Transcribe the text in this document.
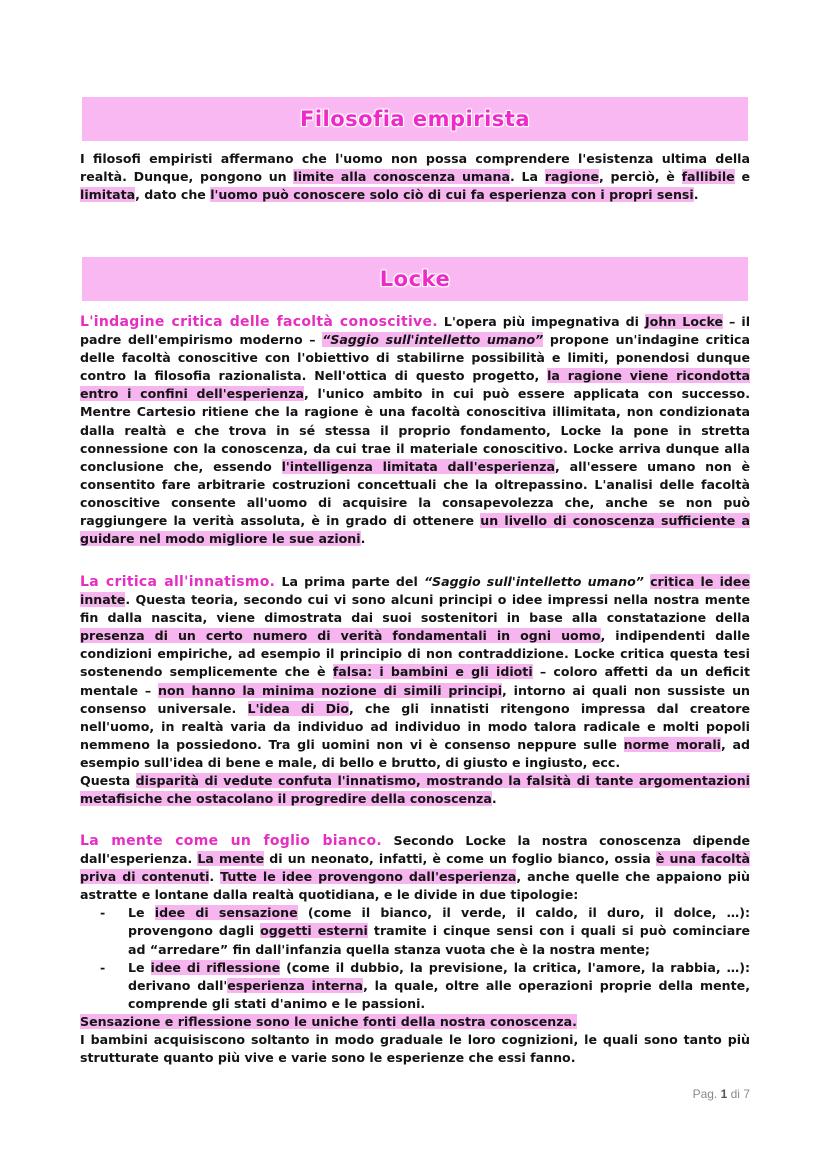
Filosofia empirista
I filosofi empiristi affermano che l'uomo non possa comprendere l'esistenza ultima della realtà. Dunque, pongono un limite alla conoscenza umana. La ragione, perciò, è fallibile e limitata, dato che l'uomo può conoscere solo ciò di cui fa esperienza con i propri sensi.
Locke
L'indagine critica delle facoltà conoscitive. L'opera più impegnativa di John Locke – il padre dell'empirismo moderno – “Saggio sull'intelletto umano” propone un'indagine critica delle facoltà conoscitive con l'obiettivo di stabilirne possibilità e limiti, ponendosi dunque contro la filosofia razionalista. Nell'ottica di questo progetto, la ragione viene ricondotta entro i confini dell'esperienza, l'unico ambito in cui può essere applicata con successo. Mentre Cartesio ritiene che la ragione è una facoltà conoscitiva illimitata, non condizionata dalla realtà e che trova in sé stessa il proprio fondamento, Locke la pone in stretta connessione con la conoscenza, da cui trae il materiale conoscitivo. Locke arriva dunque alla conclusione che, essendo l'intelligenza limitata dall'esperienza, all'essere umano non è consentito fare arbitrarie costruzioni concettuali che la oltrepassino. L'analisi delle facoltà conoscitive consente all'uomo di acquisire la consapevolezza che, anche se non può raggiungere la verità assoluta, è in grado di ottenere un livello di conoscenza sufficiente a guidare nel modo migliore le sue azioni.
La critica all'innatismo. La prima parte del “Saggio sull'intelletto umano” critica le idee innate. Questa teoria, secondo cui vi sono alcuni principi o idee impressi nella nostra mente fin dalla nascita, viene dimostrata dai suoi sostenitori in base alla constatazione della presenza di un certo numero di verità fondamentali in ogni uomo, indipendenti dalle condizioni empiriche, ad esempio il principio di non contraddizione. Locke critica questa tesi sostenendo semplicemente che è falsa: i bambini e gli idioti – coloro affetti da un deficit mentale – non hanno la minima nozione di simili principi, intorno ai quali non sussiste un consenso universale. L'idea di Dio, che gli innatisti ritengono impressa dal creatore nell'uomo, in realtà varia da individuo ad individuo in modo talora radicale e molti popoli nemmeno la possiedono. Tra gli uomini non vi è consenso neppure sulle norme morali, ad esempio sull'idea di bene e male, di bello e brutto, di giusto e ingiusto, ecc.
Questa disparità di vedute confuta l'innatismo, mostrando la falsità di tante argomentazioni metafisiche che ostacolano il progredire della conoscenza.
La mente come un foglio bianco. Secondo Locke la nostra conoscenza dipende dall'esperienza. La mente di un neonato, infatti, è come un foglio bianco, ossia è una facoltà priva di contenuti. Tutte le idee provengono dall'esperienza, anche quelle che appaiono più astratte e lontane dalla realtà quotidiana, e le divide in due tipologie:
- Le idee di sensazione (come il bianco, il verde, il caldo, il duro, il dolce, …): provengono dagli oggetti esterni tramite i cinque sensi con i quali si può cominciare ad “arredare” fin dall'infanzia quella stanza vuota che è la nostra mente;
- Le idee di riflessione (come il dubbio, la previsione, la critica, l'amore, la rabbia, …): derivano dall'esperienza interna, la quale, oltre alle operazioni proprie della mente, comprende gli stati d'animo e le passioni.
Sensazione e riflessione sono le uniche fonti della nostra conoscenza.
I bambini acquisiscono soltanto in modo graduale le loro cognizioni, le quali sono tanto più strutturate quanto più vive e varie sono le esperienze che essi fanno.
Pag. 1 di 7
